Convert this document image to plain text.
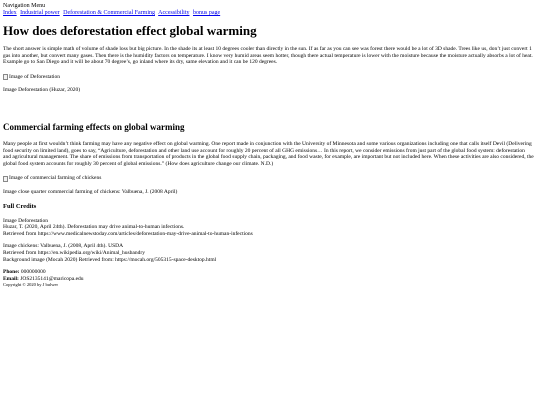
Navigation Menu
Index Industrial power Deforestation & Commercial Farming Accessibility bonus page
How does deforestation effect global warming

The short answer is simple math of volume of shade loss but big picture. In the shade its at least 10 degrees cooler than directly in the sun. If as far as you can see was forest there would be a lot of 3D shade. Trees like us, don’t just convert 1 gas into another, but convert many gases. Then there is the humidity factors on temperature. I know very humid areas seem hotter, though there actual temperature is lower with the moisture because the moisture actually absorbs a lot of heat. Example go to San Diego and it will be about 70 degree’s, go inland where its dry, same elevation and it can be 120 degrees.

Image of Deforestation

Image Deforestation (Huzar, 2020)

Commercial farming effects on global warming

Many people at first wouldn’t think farming may have any negative effect on global warming. One report made in conjunction with the University of Minnesota and some various organizations including one that calls itself Devil (Delivering food security on limited land), goes to say, “Agriculture, deforestation and other land use account for roughly 20 percent of all GHG emissions… In this report, we consider emissions from just part of the global food system: deforestation and agricultural management. The share of emissions from transportation of products in the global food supply chain, packaging, and food waste, for example, are important but not included here. When these activities are also considered, the global food system accounts for roughly 30 percent of global emissions.” (How does agriculture change our climate. N.D.)

Image of commercial farming of chickens

Image close quarter commercial farming of chickens: Valbuena, J. (2008 April)

Full Credits
Image Deforestation
Huzar, T. (2020, April 24th). Deforestation may drive animal-to-human infections.
Retrieved from https://www.medicalnewstoday.com/articles/deforestation-may-drive-animal-to-human-infections
Image chickens: Valbuena, J. (2008, April 4th). USDA
Retrieved from https://en.wikipedia.org/wiki/Animal_husbandry
Background image (Mocah 2020) Retrieved from: https://mocah.org/505315-space-desktop.html
Phone: 000000000
Email: JOS2135141@maricopa.edu
Copyright © 2020 by J bulwer
